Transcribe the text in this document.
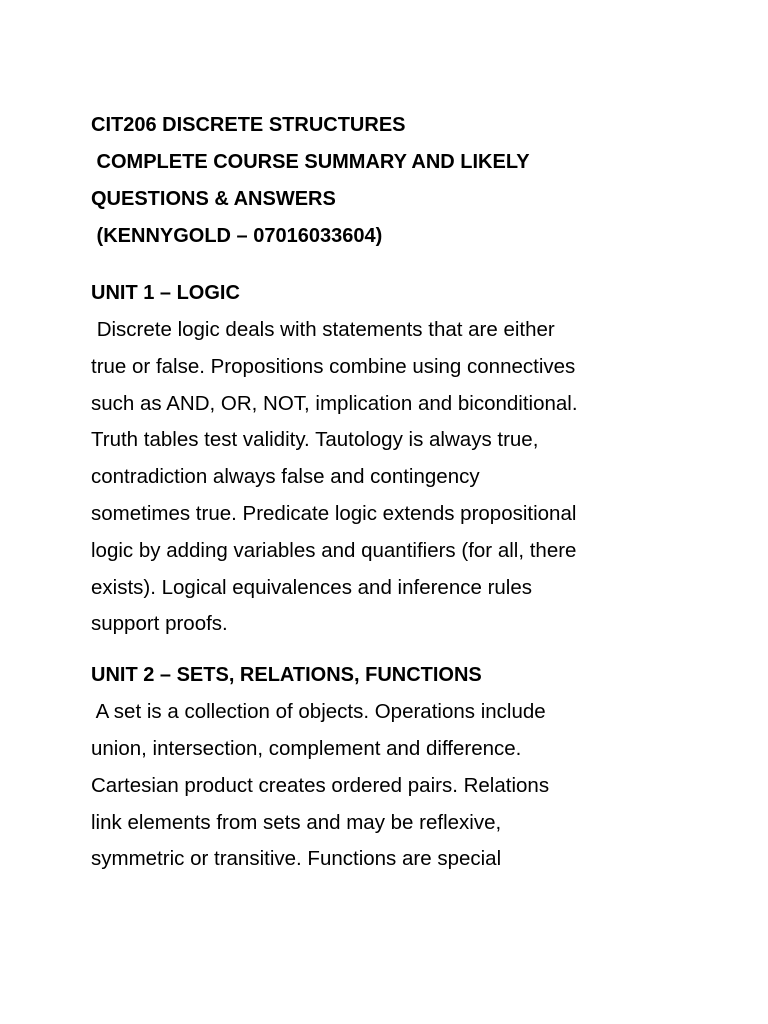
CIT206 DISCRETE STRUCTURES

COMPLETE COURSE SUMMARY AND LIKELY

QUESTIONS & ANSWERS

(KENNYGOLD – 07016033604)

UNIT 1 – LOGIC

Discrete logic deals with statements that are either

true or false. Propositions combine using connectives

such as AND, OR, NOT, implication and biconditional.

Truth tables test validity. Tautology is always true,

contradiction always false and contingency

sometimes true. Predicate logic extends propositional

logic by adding variables and quantifiers (for all, there

exists). Logical equivalences and inference rules

support proofs.

UNIT 2 – SETS, RELATIONS, FUNCTIONS

A set is a collection of objects. Operations include

union, intersection, complement and difference.

Cartesian product creates ordered pairs. Relations

link elements from sets and may be reflexive,

symmetric or transitive. Functions are special
